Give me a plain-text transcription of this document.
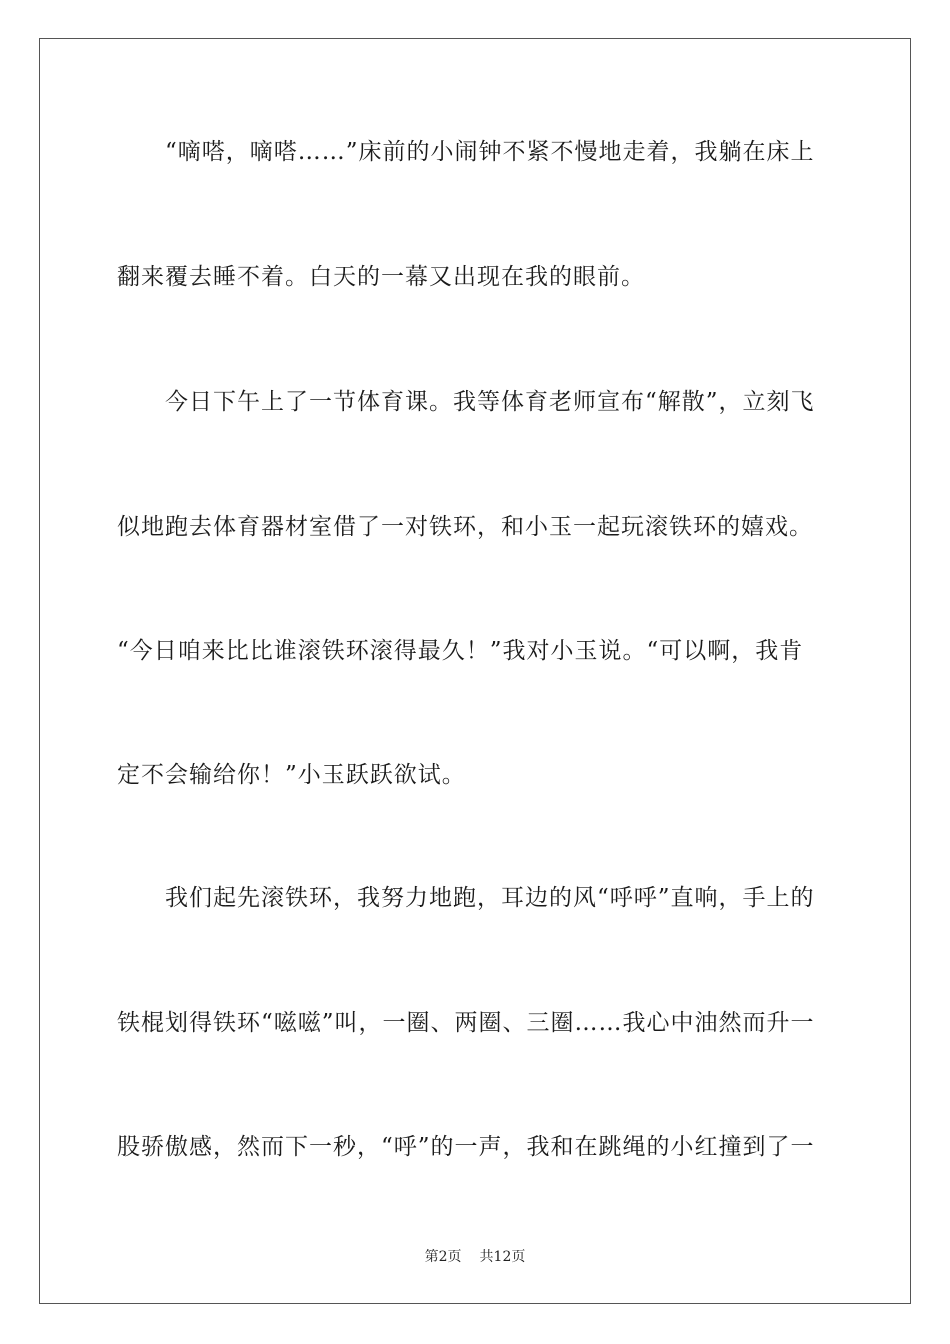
“嘀嗒，嘀嗒……”床前的小闹钟不紧不慢地走着，我躺在床上
翻来覆去睡不着。白天的一幕又出现在我的眼前。
今日下午上了一节体育课。我等体育老师宣布“解散”，立刻飞
似地跑去体育器材室借了一对铁环，和小玉一起玩滚铁环的嬉戏。
“今日咱来比比谁滚铁环滚得最久！”我对小玉说。“可以啊，我肯
定不会输给你！”小玉跃跃欲试。
我们起先滚铁环，我努力地跑，耳边的风“呼呼”直响，手上的
铁棍划得铁环“嗞嗞”叫，一圈、两圈、三圈……我心中油然而升一
股骄傲感，然而下一秒，“呼”的一声，我和在跳绳的小红撞到了一
第2页 共12页
